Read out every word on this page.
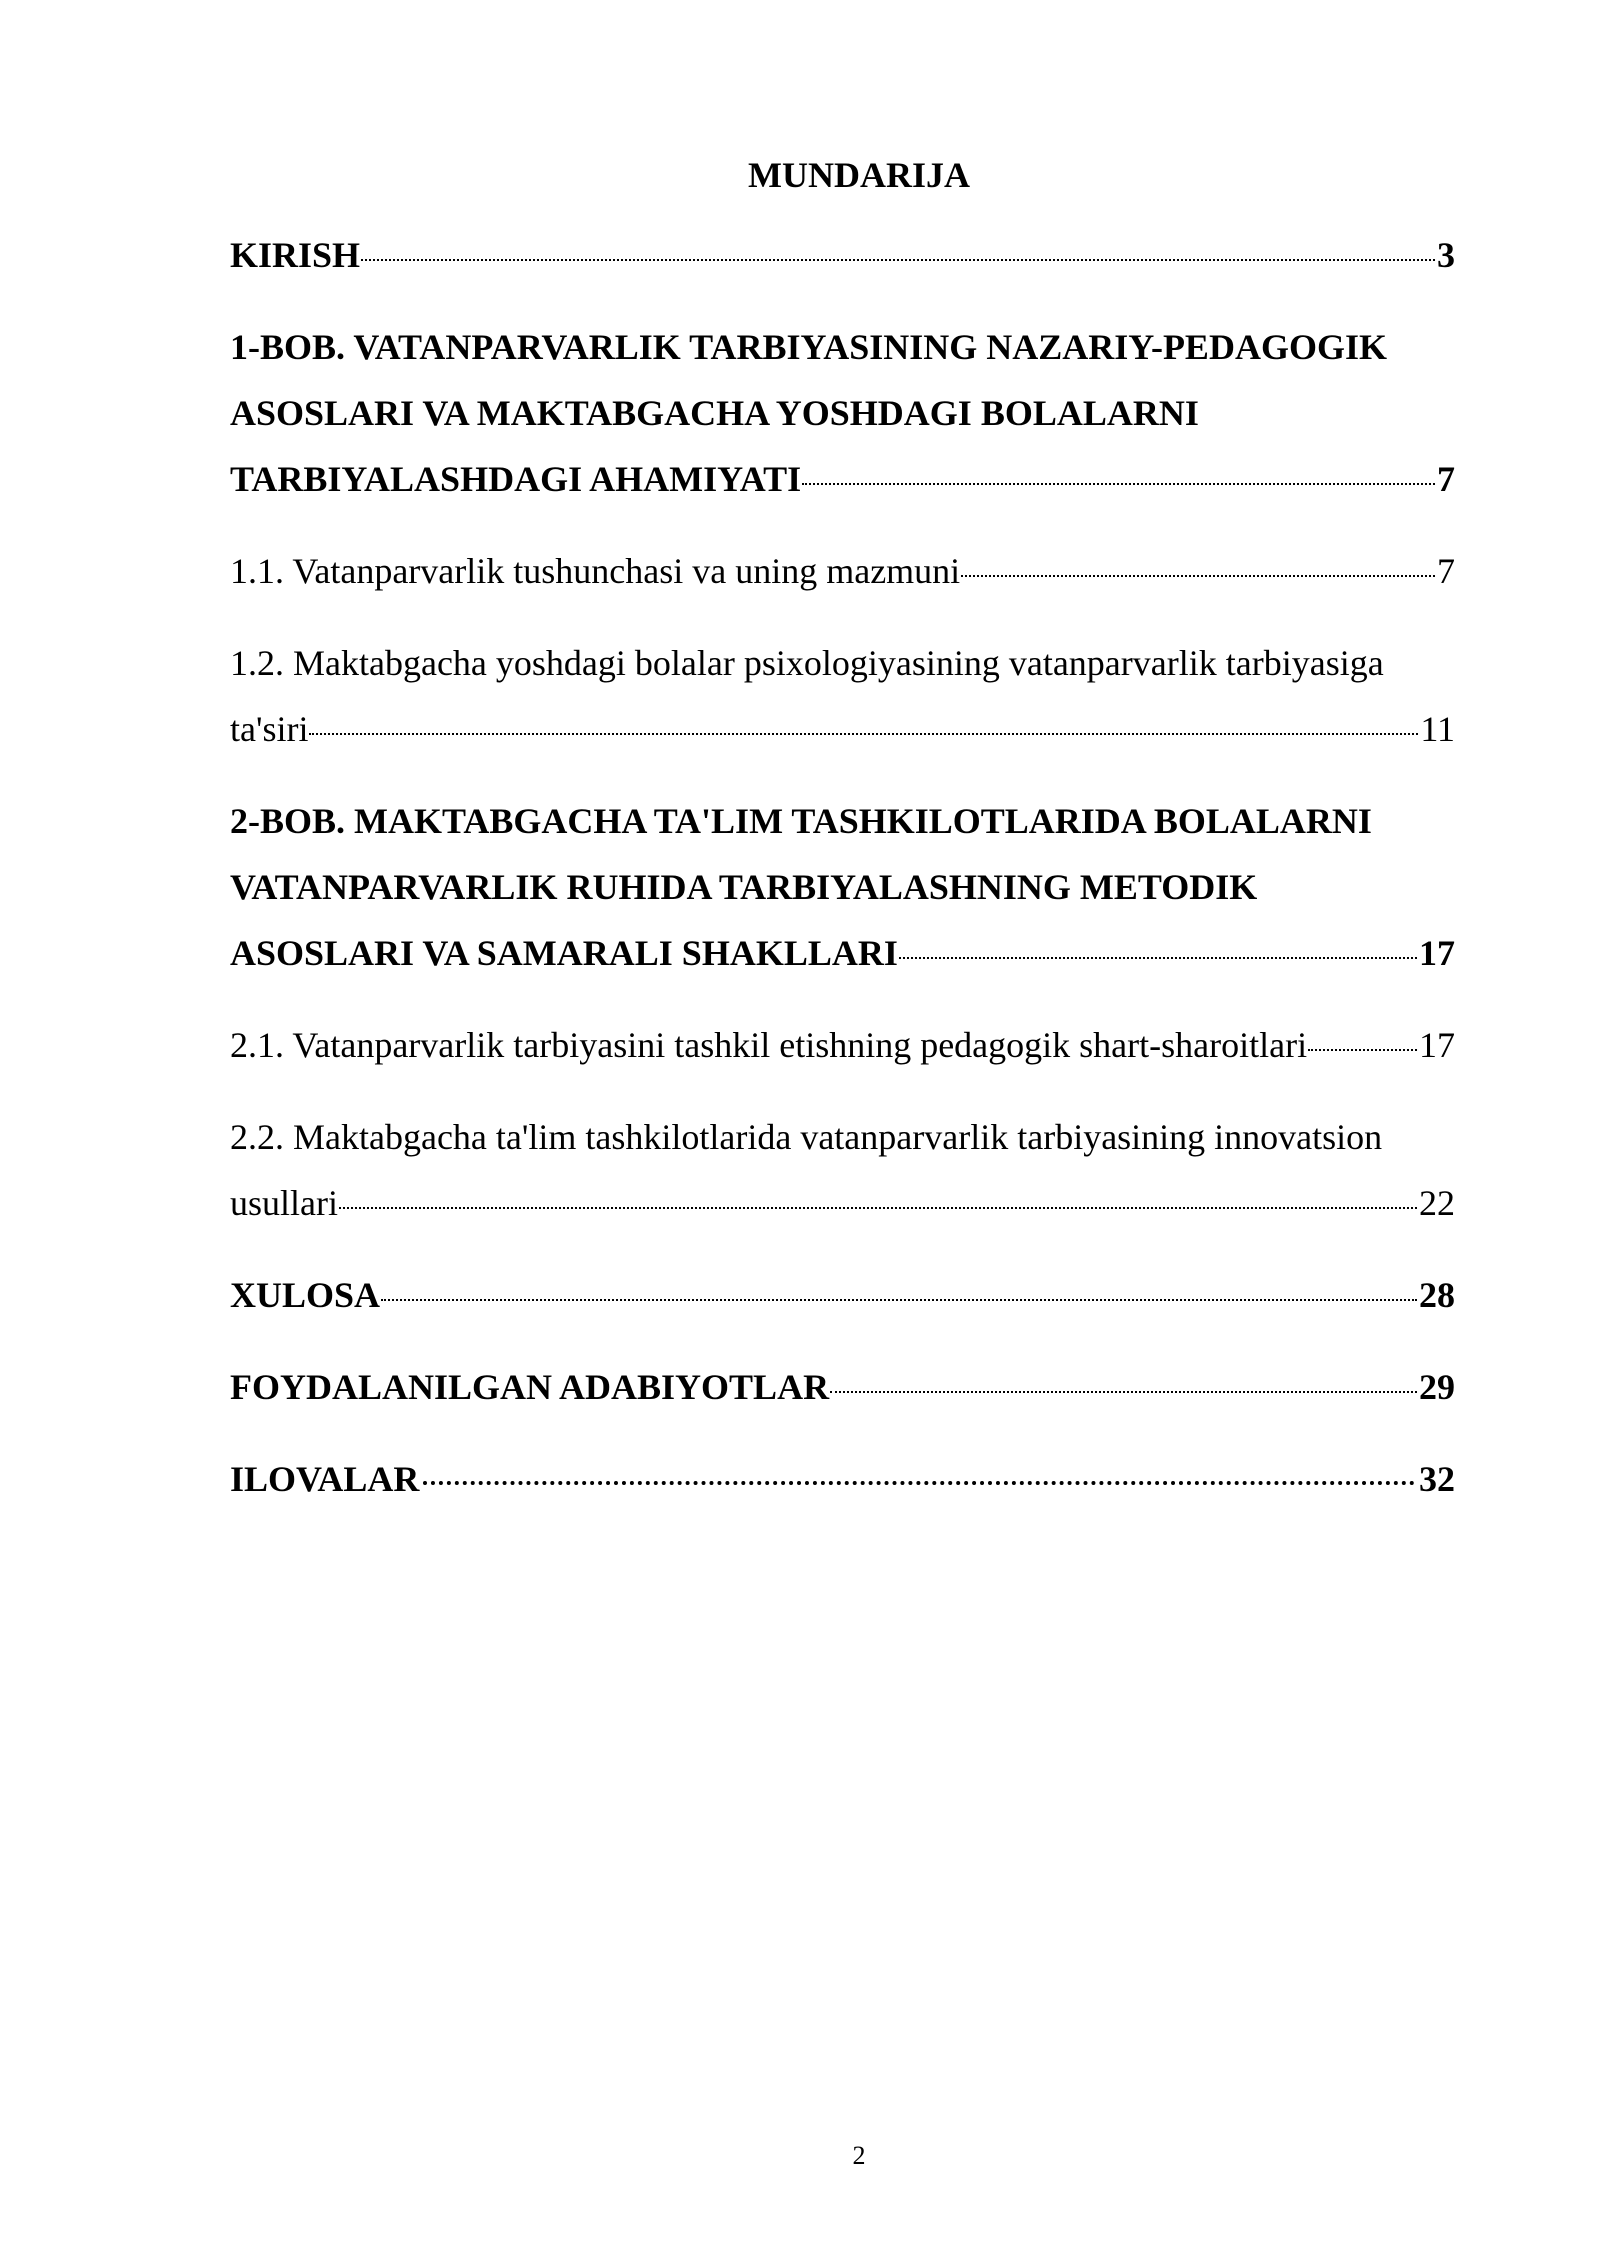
MUNDARIJA
KIRISH	3
1-BOB. VATANPARVARLIK TARBIYASINING NAZARIY-PEDAGOGIK
ASOSLARI VA MAKTABGACHA YOSHDAGI BOLALARNI
TARBIYALASHDAGI AHAMIYATI	7
1.1. Vatanparvarlik tushunchasi va uning mazmuni	7
1.2. Maktabgacha yoshdagi bolalar psixologiyasining vatanparvarlik tarbiyasiga
ta'siri	11
2-BOB. MAKTABGACHA TA'LIM TASHKILOTLARIDA BOLALARNI
VATANPARVARLIK RUHIDA TARBIYALASHNING METODIK
ASOSLARI VA SAMARALI SHAKLLARI	17
2.1. Vatanparvarlik tarbiyasini tashkil etishning pedagogik shart-sharoitlari	17
2.2. Maktabgacha ta'lim tashkilotlarida vatanparvarlik tarbiyasining innovatsion
usullari	22
XULOSA	28
FOYDALANILGAN ADABIYOTLAR	29
ILOVALAR	32
2
